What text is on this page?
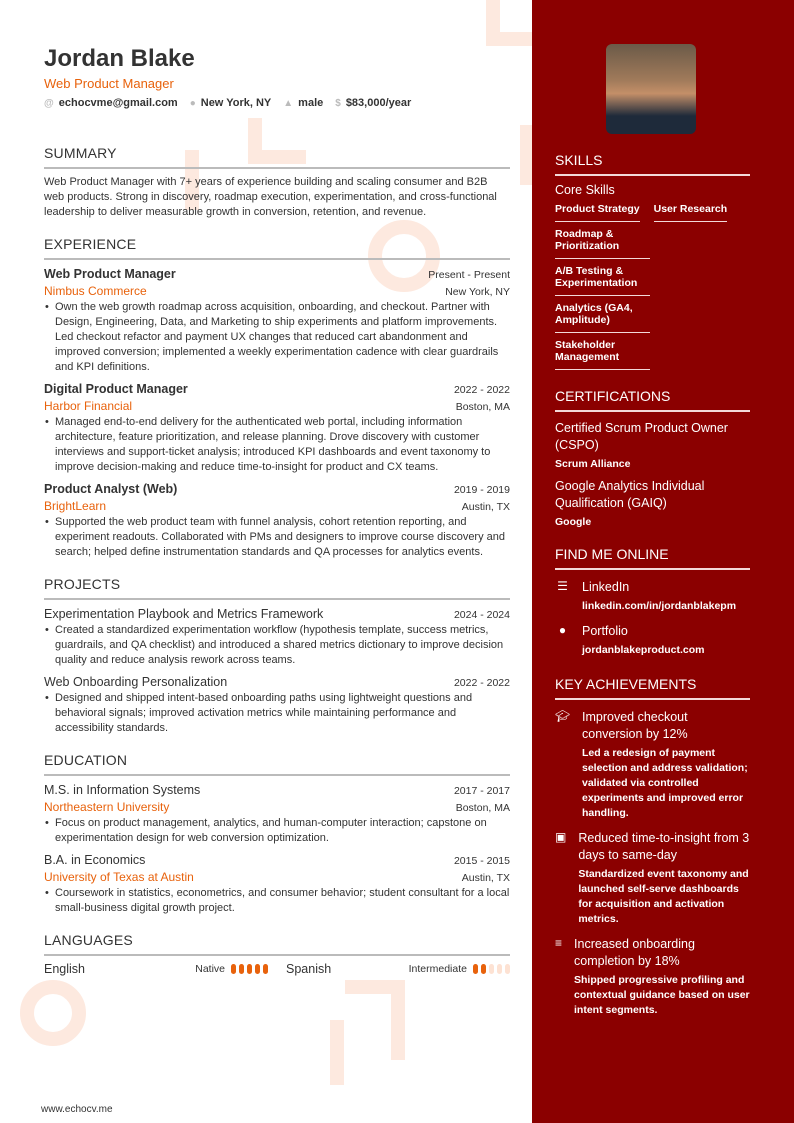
Jordan Blake
Web Product Manager
@ echocvme@gmail.com ● New York, NY ▲ male $ $83,000/year
SUMMARY
Web Product Manager with 7+ years of experience building and scaling consumer and B2B web products. Strong in discovery, roadmap execution, experimentation, and cross-functional leadership to deliver measurable growth in conversion, retention, and revenue.
EXPERIENCE
Web Product Manager	Present - Present
Nimbus Commerce	New York, NY
• Own the web growth roadmap across acquisition, onboarding, and checkout. Partner with Design, Engineering, Data, and Marketing to ship experiments and platform improvements. Led checkout refactor and payment UX changes that reduced cart abandonment and improved conversion; implemented a weekly experimentation cadence with clear guardrails and KPI definitions.
Digital Product Manager	2022 - 2022
Harbor Financial	Boston, MA
• Managed end-to-end delivery for the authenticated web portal, including information architecture, feature prioritization, and release planning. Drove discovery with customer interviews and support-ticket analysis; introduced KPI dashboards and event taxonomy to improve decision-making and reduce time-to-insight for product and CX teams.
Product Analyst (Web)	2019 - 2019
BrightLearn	Austin, TX
• Supported the web product team with funnel analysis, cohort retention reporting, and experiment readouts. Collaborated with PMs and designers to improve course discovery and search; helped define instrumentation standards and QA processes for analytics events.
PROJECTS
Experimentation Playbook and Metrics Framework	2024 - 2024
• Created a standardized experimentation workflow (hypothesis template, success metrics, guardrails, and QA checklist) and introduced a shared metrics dictionary to improve decision quality and reduce analysis rework across teams.
Web Onboarding Personalization	2022 - 2022
• Designed and shipped intent-based onboarding paths using lightweight questions and behavioral signals; improved activation metrics while maintaining performance and accessibility standards.
EDUCATION
M.S. in Information Systems	2017 - 2017
Northeastern University	Boston, MA
• Focus on product management, analytics, and human-computer interaction; capstone on experimentation design for web conversion optimization.
B.A. in Economics	2015 - 2015
University of Texas at Austin	Austin, TX
• Coursework in statistics, econometrics, and consumer behavior; student consultant for a local small-business digital growth project.
LANGUAGES
English	Native	Spanish	Intermediate
www.echocv.me
SKILLS
Core Skills
Product Strategy User Research
Roadmap & Prioritization
A/B Testing & Experimentation
Analytics (GA4, Amplitude)
Stakeholder Management
CERTIFICATIONS
Certified Scrum Product Owner (CSPO)
Scrum Alliance
Google Analytics Individual Qualification (GAIQ)
Google
FIND ME ONLINE
☰ LinkedIn
linkedin.com/in/jordanblakepm
●	Portfolio
jordanblakeproduct.com
KEY ACHIEVEMENTS
🎓︎ Improved checkout conversion by 12%
Led a redesign of payment selection and address validation; validated via controlled experiments and improved error handling.
▣ Reduced time-to-insight from 3 days to same-day
Standardized event taxonomy and launched self-serve dashboards for acquisition and activation metrics.
≡ Increased onboarding completion by 18%
Shipped progressive profiling and contextual guidance based on user intent segments.
